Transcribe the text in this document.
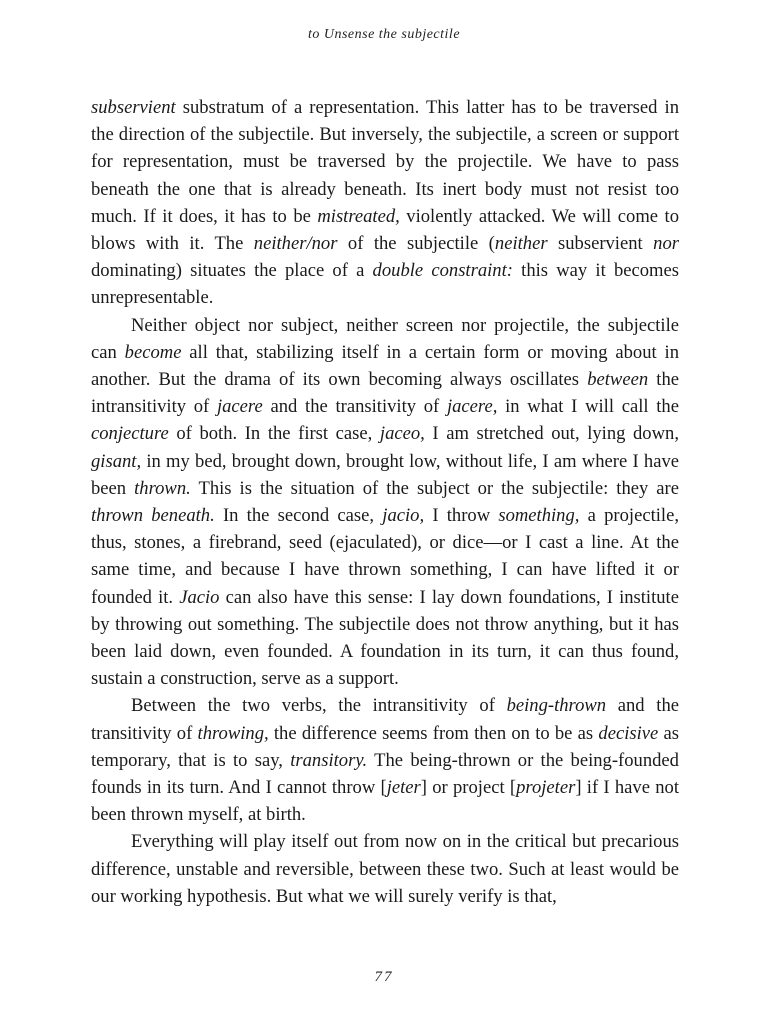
to Unsense the subjectile

subservient substratum of a representation. This latter has to be traversed in the direction of the subjectile. But inversely, the subjectile, a screen or support for representation, must be traversed by the projectile. We have to pass beneath the one that is already beneath. Its inert body must not resist too much. If it does, it has to be mistreated, violently attacked. We will come to blows with it. The neither/nor of the subjectile (neither subservient nor dominating) situates the place of a double constraint: this way it becomes unrepresentable.

Neither object nor subject, neither screen nor projectile, the subjectile can become all that, stabilizing itself in a certain form or moving about in another. But the drama of its own becoming always oscillates between the intransitivity of jacere and the transitivity of jacere, in what I will call the conjecture of both. In the first case, jaceo, I am stretched out, lying down, gisant, in my bed, brought down, brought low, without life, I am where I have been thrown. This is the situation of the subject or the subjectile: they are thrown beneath. In the second case, jacio, I throw something, a projectile, thus, stones, a firebrand, seed (ejaculated), or dice—or I cast a line. At the same time, and because I have thrown something, I can have lifted it or founded it. Jacio can also have this sense: I lay down foundations, I institute by throwing out something. The subjectile does not throw anything, but it has been laid down, even founded. A foundation in its turn, it can thus found, sustain a construction, serve as a support.

Between the two verbs, the intransitivity of being-thrown and the transitivity of throwing, the difference seems from then on to be as decisive as temporary, that is to say, transitory. The being-thrown or the being-founded founds in its turn. And I cannot throw [jeter] or project [projeter] if I have not been thrown myself, at birth.

Everything will play itself out from now on in the critical but precarious difference, unstable and reversible, between these two. Such at least would be our working hypothesis. But what we will surely verify is that,

77
